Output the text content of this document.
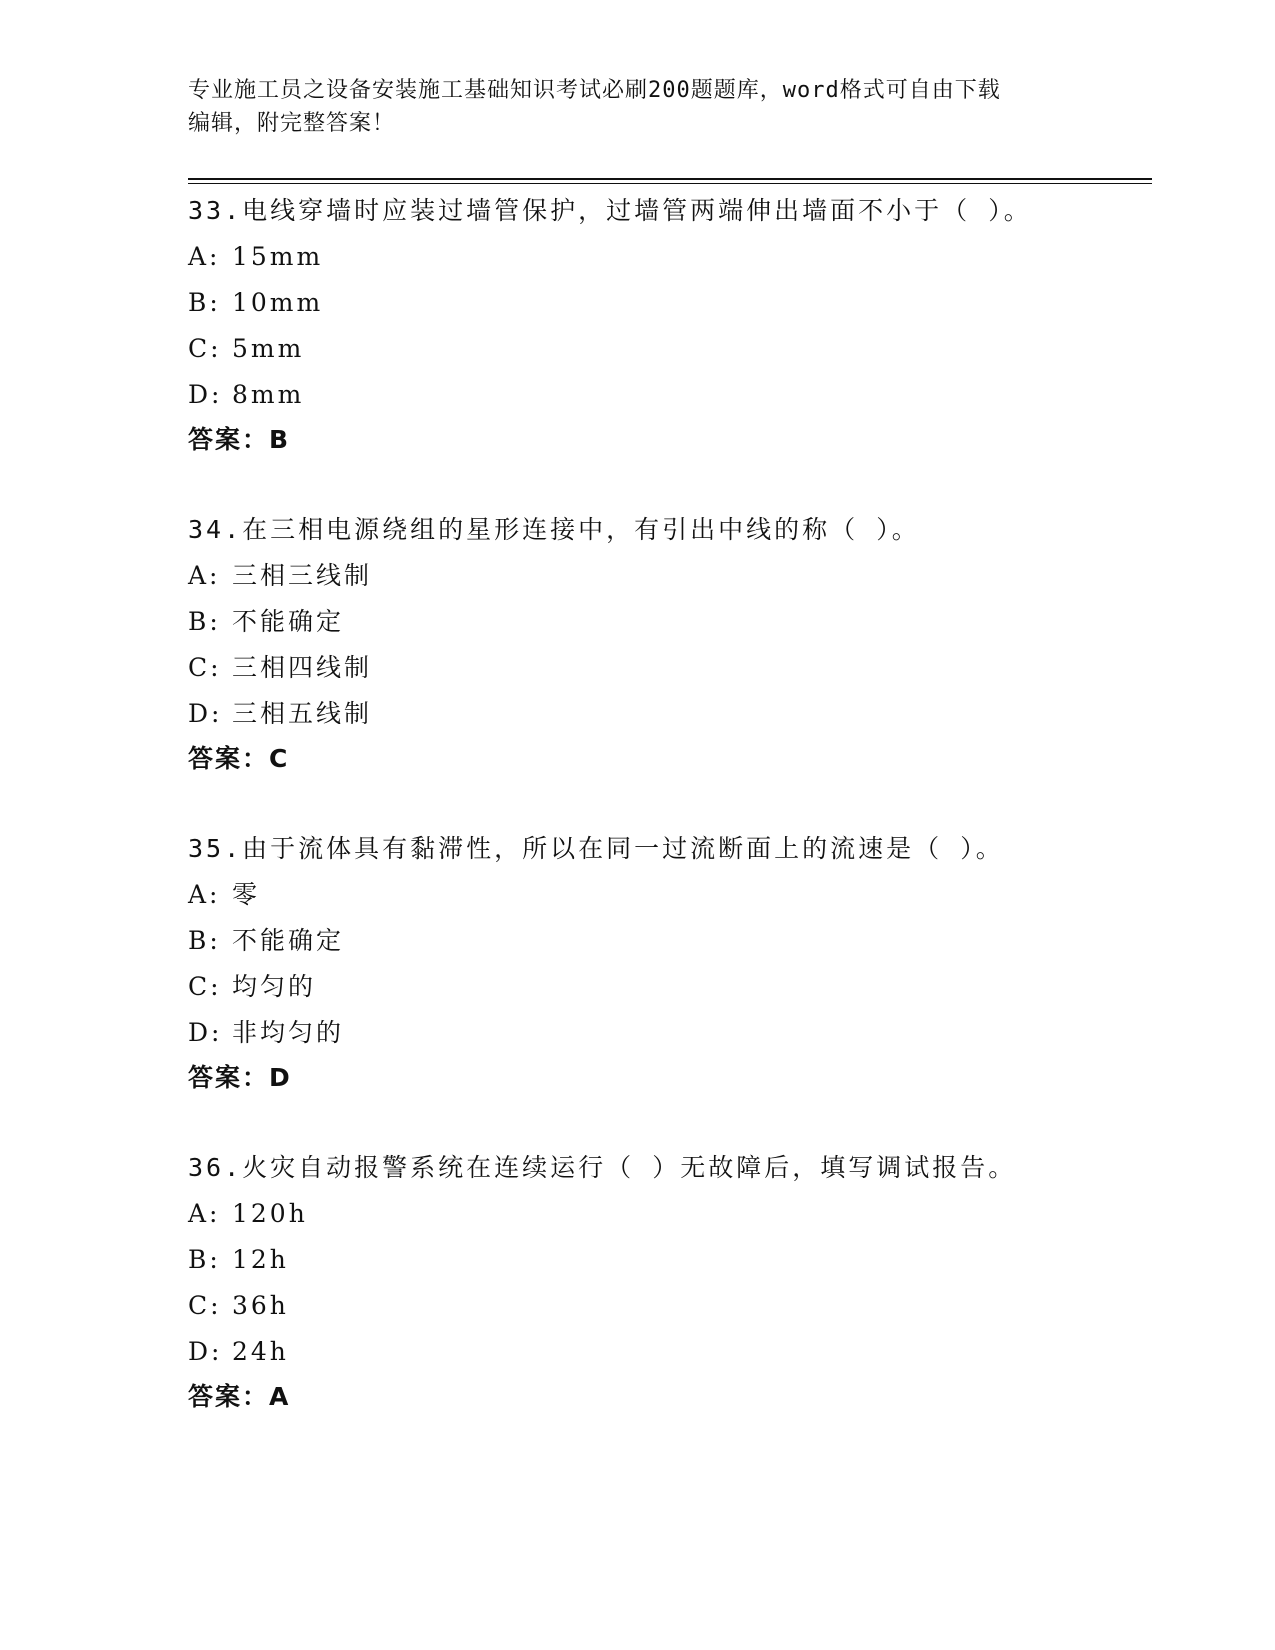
专业施工员之设备安装施工基础知识考试必刷200题题库，word格式可自由下载
编辑，附完整答案！
33.电线穿墙时应装过墙管保护，过墙管两端伸出墙面不小于（ ）。
A: 15mm
B: 10mm
C: 5mm
D: 8mm
答案：B
34.在三相电源绕组的星形连接中，有引出中线的称（ ）。
A: 三相三线制
B: 不能确定
C: 三相四线制
D: 三相五线制
答案：C
35.由于流体具有黏滞性，所以在同一过流断面上的流速是（ ）。
A: 零
B: 不能确定
C: 均匀的
D: 非均匀的
答案：D
36.火灾自动报警系统在连续运行（ ）无故障后，填写调试报告。
A: 120h
B: 12h
C: 36h
D: 24h
答案：A
